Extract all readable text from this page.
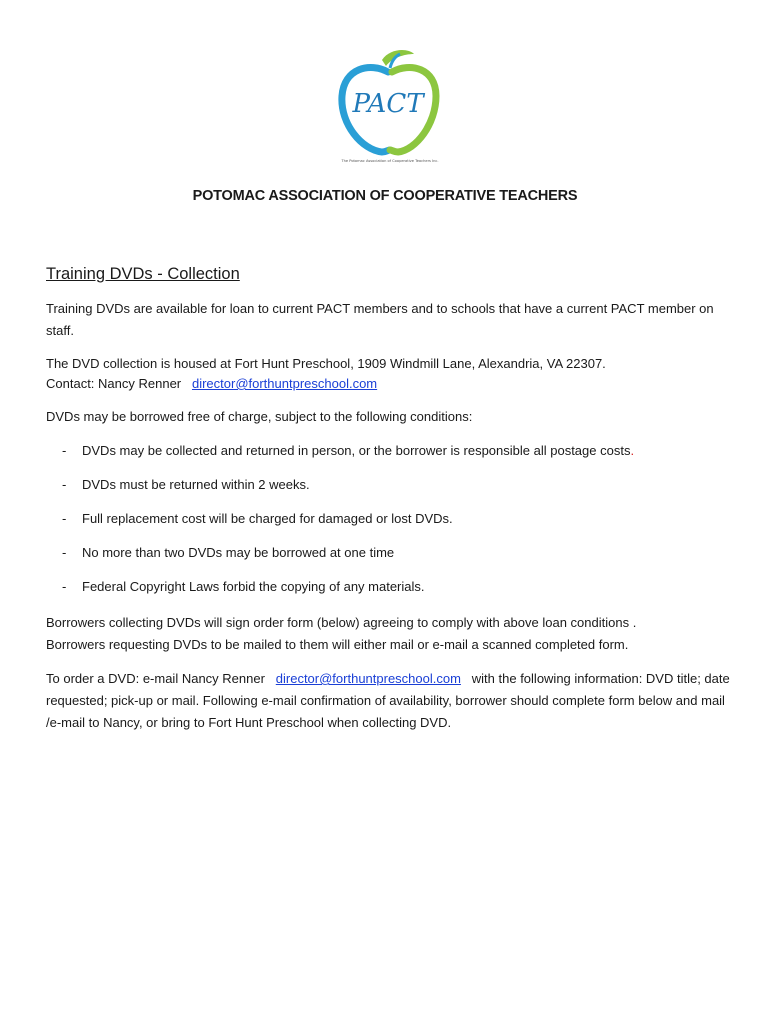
PACT
The Potomac Association of Cooperative Teachers Inc.
POTOMAC ASSOCIATION OF COOPERATIVE TEACHERS
Training DVDs - Collection

Training DVDs are available for loan to current PACT members and to schools that have a current PACT member on staff.

The DVD collection is housed at Fort Hunt Preschool, 1909 Windmill Lane, Alexandria, VA 22307.
Contact: Nancy Renner director@forthuntpreschool.com

DVDs may be borrowed free of charge, subject to the following conditions:

- DVDs may be collected and returned in person, or the borrower is responsible all postage costs.
- DVDs must be returned within 2 weeks.
- Full replacement cost will be charged for damaged or lost DVDs.
- No more than two DVDs may be borrowed at one time
- Federal Copyright Laws forbid the copying of any materials.

Borrowers collecting DVDs will sign order form (below) agreeing to comply with above loan conditions .
Borrowers requesting DVDs to be mailed to them will either mail or e-mail a scanned completed form.

To order a DVD: e-mail Nancy Renner director@forthuntpreschool.com with the following information: DVD title; date requested; pick-up or mail. Following e-mail confirmation of availability, borrower should complete form below and mail /e-mail to Nancy, or bring to Fort Hunt Preschool when collecting DVD.
